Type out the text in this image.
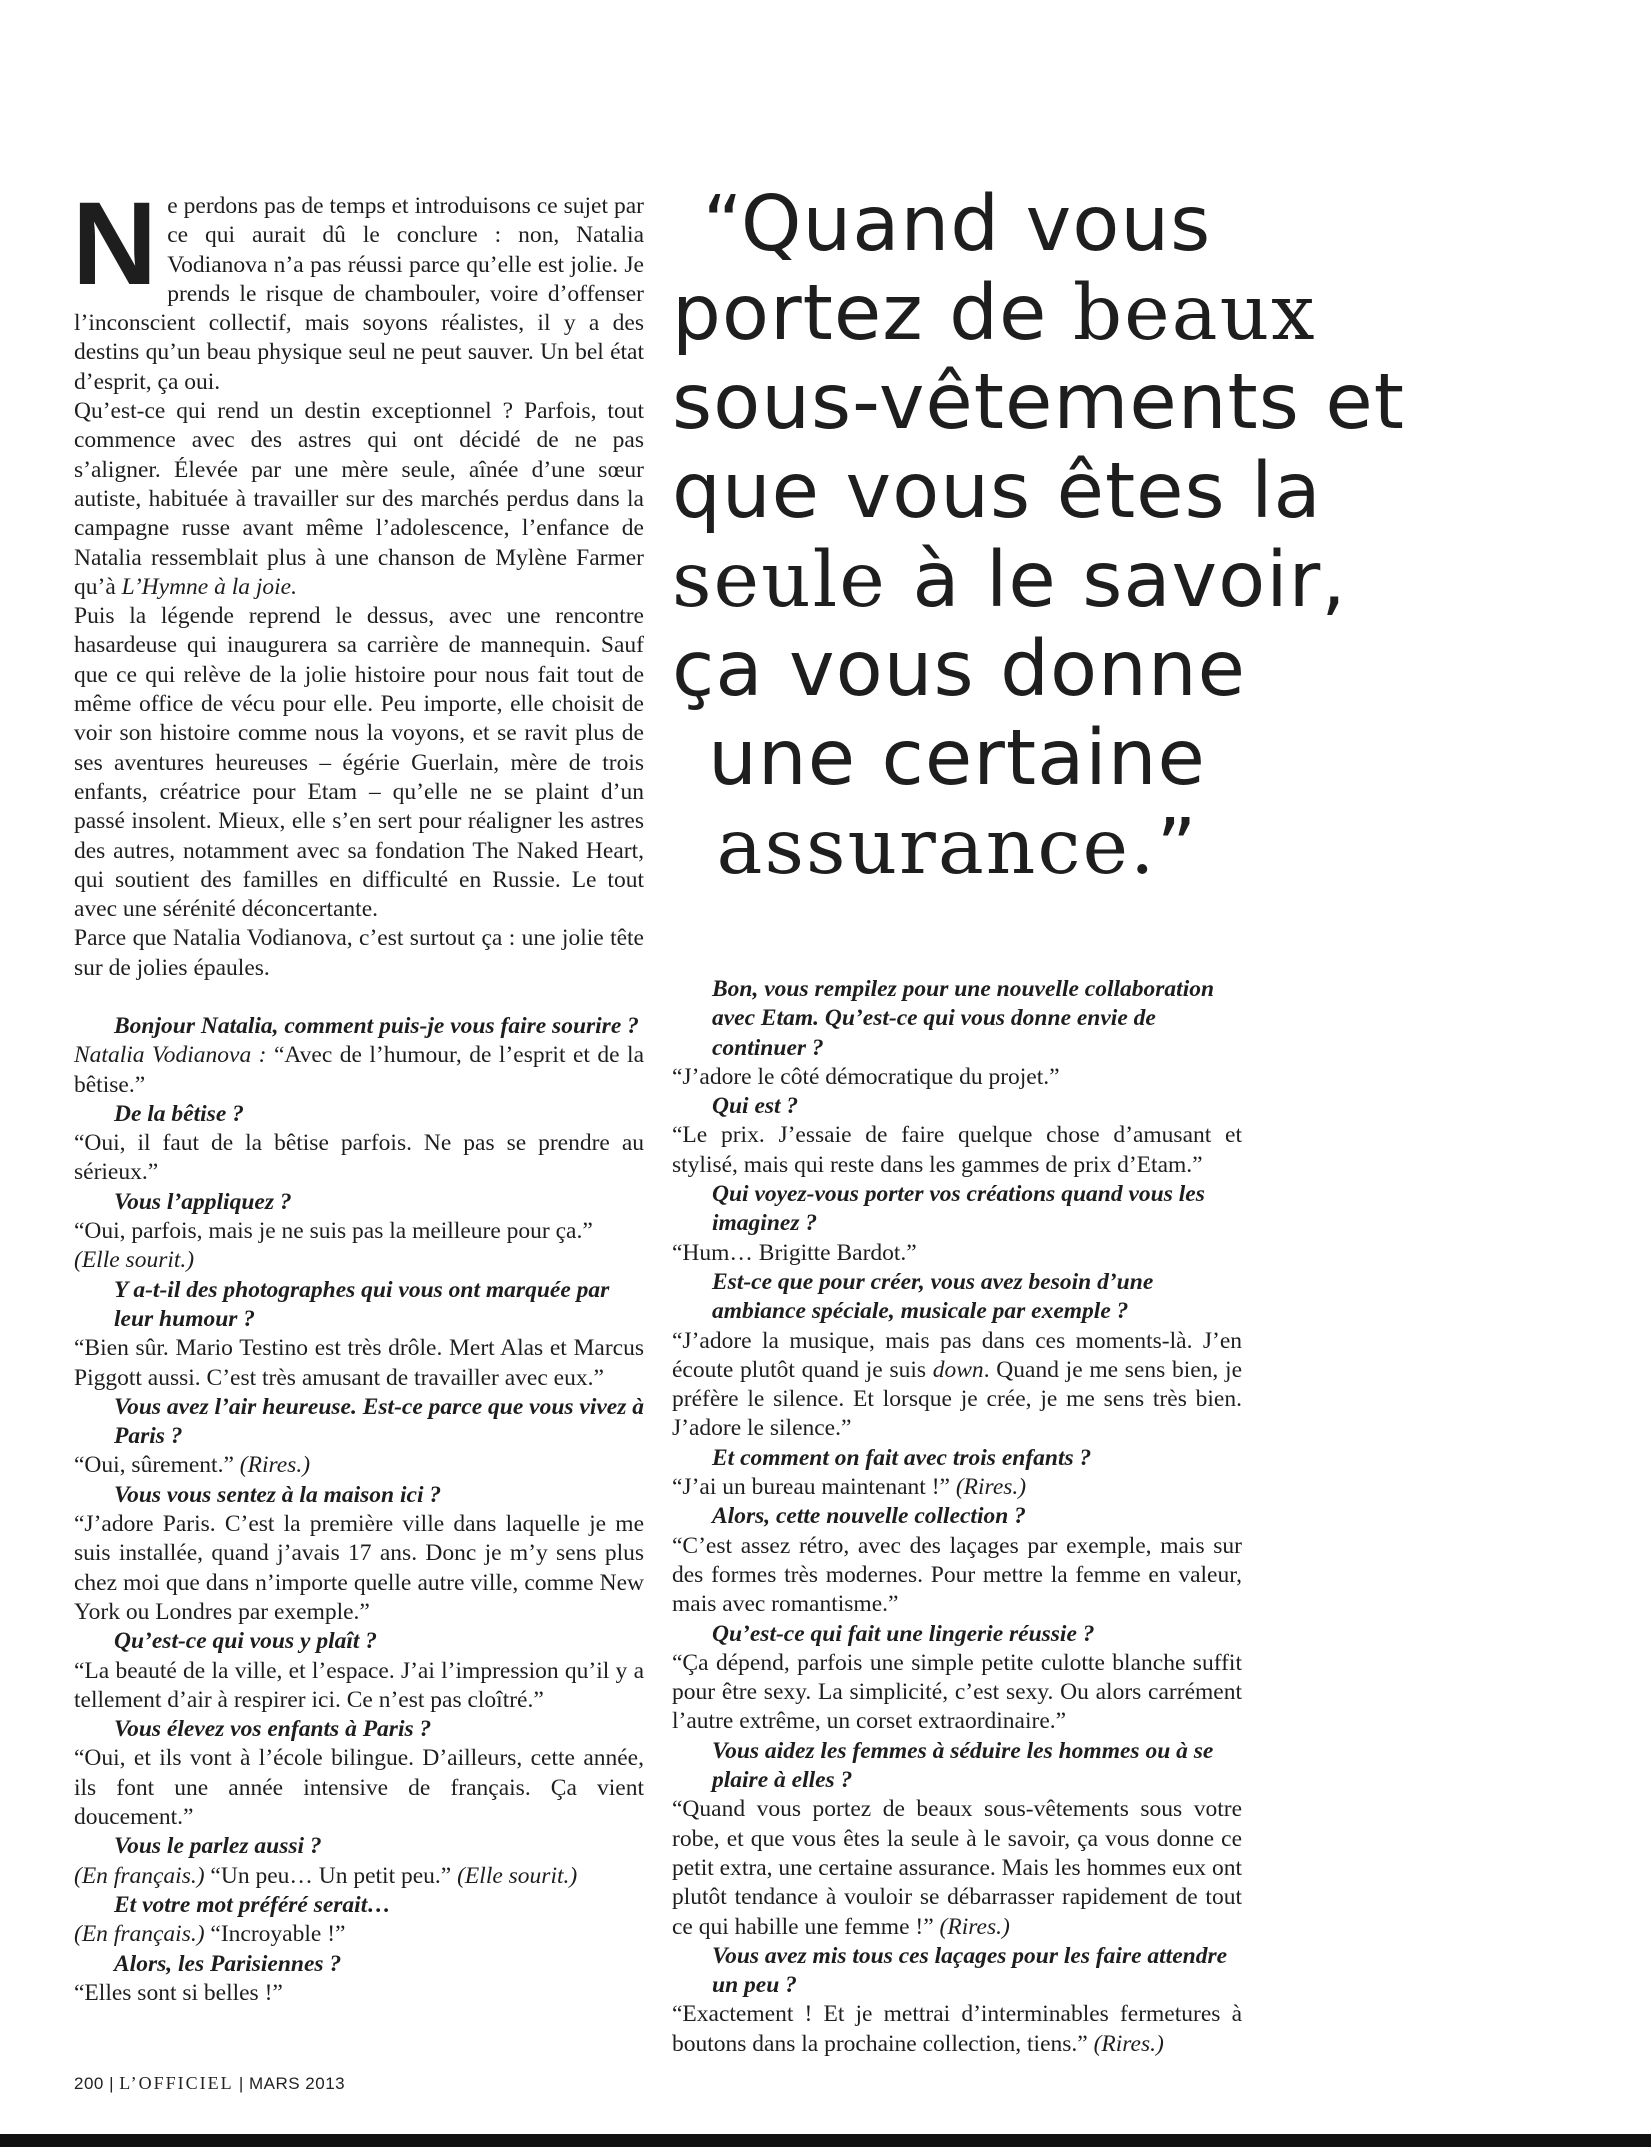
Ne perdons pas de temps et introduisons ce sujet par ce qui aurait dû le conclure : non, Natalia Vodianova n’a pas réussi parce qu’elle est jolie. Je prends le risque de chambouler, voire d’offenser l’inconscient collectif, mais soyons réalistes, il y a des destins qu’un beau physique seul ne peut sauver. Un bel état d’esprit, ça oui.

Qu’est-ce qui rend un destin exceptionnel ? Parfois, tout commence avec des astres qui ont décidé de ne pas s’aligner. Élevée par une mère seule, aînée d’une sœur autiste, habituée à travailler sur des marchés perdus dans la campagne russe avant même l’adolescence, l’enfance de Natalia ressemblait plus à une chanson de Mylène Farmer qu’à L’Hymne à la joie.

Puis la légende reprend le dessus, avec une rencontre hasardeuse qui inaugurera sa carrière de mannequin. Sauf que ce qui relève de la jolie histoire pour nous fait tout de même office de vécu pour elle. Peu importe, elle choisit de voir son histoire comme nous la voyons, et se ravit plus de ses aventures heureuses – égérie Guerlain, mère de trois enfants, créatrice pour Etam – qu’elle ne se plaint d’un passé insolent. Mieux, elle s’en sert pour réaligner les astres des autres, notamment avec sa fondation The Naked Heart, qui soutient des familles en difficulté en Russie. Le tout avec une sérénité déconcertante.

Parce que Natalia Vodianova, c’est surtout ça : une jolie tête sur de jolies épaules.

Bonjour Natalia, comment puis-je vous faire sourire ?

Natalia Vodianova : “Avec de l’humour, de l’esprit et de la bêtise.”

De la bêtise ?

“Oui, il faut de la bêtise parfois. Ne pas se prendre au sérieux.”

Vous l’appliquez ?

“Oui, parfois, mais je ne suis pas la meilleure pour ça.”

(Elle sourit.)

Y a-t-il des photographes qui vous ont marquée par leur humour ?

“Bien sûr. Mario Testino est très drôle. Mert Alas et Marcus Piggott aussi. C’est très amusant de travailler avec eux.”

Vous avez l’air heureuse. Est-ce parce que vous vivez à Paris ?

“Oui, sûrement.” (Rires.)

Vous vous sentez à la maison ici ?

“J’adore Paris. C’est la première ville dans laquelle je me suis installée, quand j’avais 17 ans. Donc je m’y sens plus chez moi que dans n’importe quelle autre ville, comme New York ou Londres par exemple.”

Qu’est-ce qui vous y plaît ?

“La beauté de la ville, et l’espace. J’ai l’impression qu’il y a tellement d’air à respirer ici. Ce n’est pas cloîtré.”

Vous élevez vos enfants à Paris ?

“Oui, et ils vont à l’école bilingue. D’ailleurs, cette année, ils font une année intensive de français. Ça vient doucement.”

Vous le parlez aussi ?

(En français.) “Un peu… Un petit peu.” (Elle sourit.)

Et votre mot préféré serait…

(En français.) “Incroyable !”

Alors, les Parisiennes ?

“Elles sont si belles !”

“Quand vous
portez de beaux
sous-vêtements et
que vous êtes la
seule à le savoir,
ça vous donne
une certaine
assurance.”

Bon, vous rempilez pour une nouvelle collaboration avec Etam. Qu’est-ce qui vous donne envie de continuer ?

“J’adore le côté démocratique du projet.”

Qui est ?

“Le prix. J’essaie de faire quelque chose d’amusant et stylisé, mais qui reste dans les gammes de prix d’Etam.”

Qui voyez-vous porter vos créations quand vous les imaginez ?

“Hum… Brigitte Bardot.”

Est-ce que pour créer, vous avez besoin d’une ambiance spéciale, musicale par exemple ?

“J’adore la musique, mais pas dans ces moments-là. J’en écoute plutôt quand je suis down. Quand je me sens bien, je préfère le silence. Et lorsque je crée, je me sens très bien. J’adore le silence.”

Et comment on fait avec trois enfants ?

“J’ai un bureau maintenant !” (Rires.)

Alors, cette nouvelle collection ?

“C’est assez rétro, avec des laçages par exemple, mais sur des formes très modernes. Pour mettre la femme en valeur, mais avec romantisme.”

Qu’est-ce qui fait une lingerie réussie ?

“Ça dépend, parfois une simple petite culotte blanche suffit pour être sexy. La simplicité, c’est sexy. Ou alors carrément l’autre extrême, un corset extraordinaire.”

Vous aidez les femmes à séduire les hommes ou à se plaire à elles ?

“Quand vous portez de beaux sous-vêtements sous votre robe, et que vous êtes la seule à le savoir, ça vous donne ce petit extra, une certaine assurance. Mais les hommes eux ont plutôt tendance à vouloir se débarrasser rapidement de tout ce qui habille une femme !” (Rires.)

Vous avez mis tous ces laçages pour les faire attendre un peu ?

“Exactement ! Et je mettrai d’interminables fermetures à boutons dans la prochaine collection, tiens.” (Rires.)

200 | L’OFFICIEL | MARS 2013
